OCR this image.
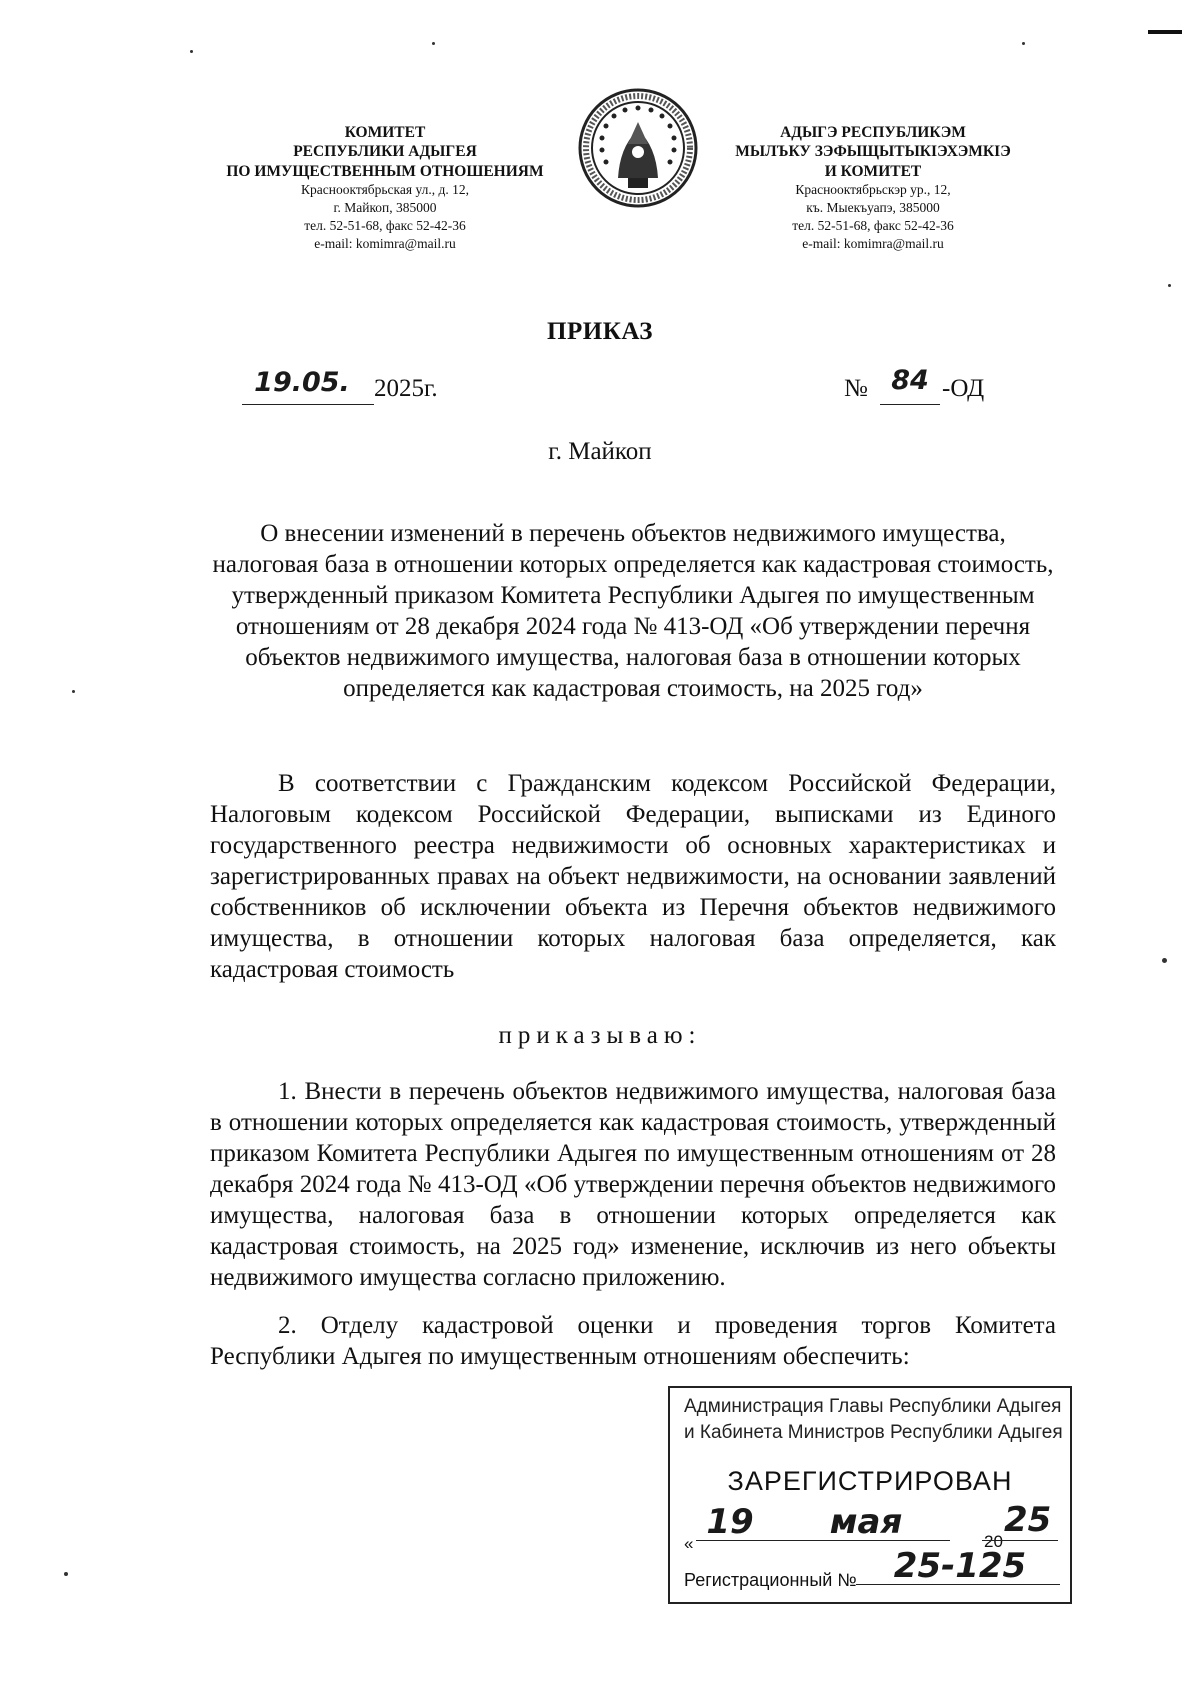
КОМИТЕТ
РЕСПУБЛИКИ АДЫГЕЯ
ПО ИМУЩЕСТВЕННЫМ ОТНОШЕНИЯМ
Краснооктябрьская ул., д. 12,
г. Майкоп, 385000
тел. 52-51-68, факс 52-42-36
e-mail: komimra@mail.ru
АДЫГЭ РЕСПУБЛИКЭМ
МЫЛЪКУ ЗЭФЫЩЫТЫКIЭХЭМКIЭ
И КОМИТЕТ
Краснооктябрьскэр ур., 12,
къ. Мыекъуапэ, 385000
тел. 52-51-68, факс 52-42-36
e-mail: komimra@mail.ru
ПРИКАЗ
19.05. 2025г.	№ 84 -ОД
г. Майкоп
О внесении изменений в перечень объектов недвижимого имущества, налоговая база в отношении которых определяется как кадастровая стоимость, утвержденный приказом Комитета Республики Адыгея по имущественным отношениям от 28 декабря 2024 года № 413-ОД «Об утверждении перечня объектов недвижимого имущества, налоговая база в отношении которых определяется как кадастровая стоимость, на 2025 год»
В соответствии с Гражданским кодексом Российской Федерации, Налоговым кодексом Российской Федерации, выписками из Единого государственного реестра недвижимости об основных характеристиках и зарегистрированных правах на объект недвижимости, на основании заявлений собственников об исключении объекта из Перечня объектов недвижимого имущества, в отношении которых налоговая база определяется, как кадастровая стоимость
приказываю:
1. Внести в перечень объектов недвижимого имущества, налоговая база в отношении которых определяется как кадастровая стоимость, утвержденный приказом Комитета Республики Адыгея по имущественным отношениям от 28 декабря 2024 года № 413-ОД «Об утверждении перечня объектов недвижимого имущества, налоговая база в отношении которых определяется как кадастровая стоимость, на 2025 год» изменение, исключив из него объекты недвижимого имущества согласно приложению.
2. Отделу кадастровой оценки и проведения торгов Комитета Республики Адыгея по имущественным отношениям обеспечить:
Администрация Главы Республики Адыгея
и Кабинета Министров Республики Адыгея
ЗАРЕГИСТРИРОВАН
«
19	мая	20
25
Регистрационный №	25-125
